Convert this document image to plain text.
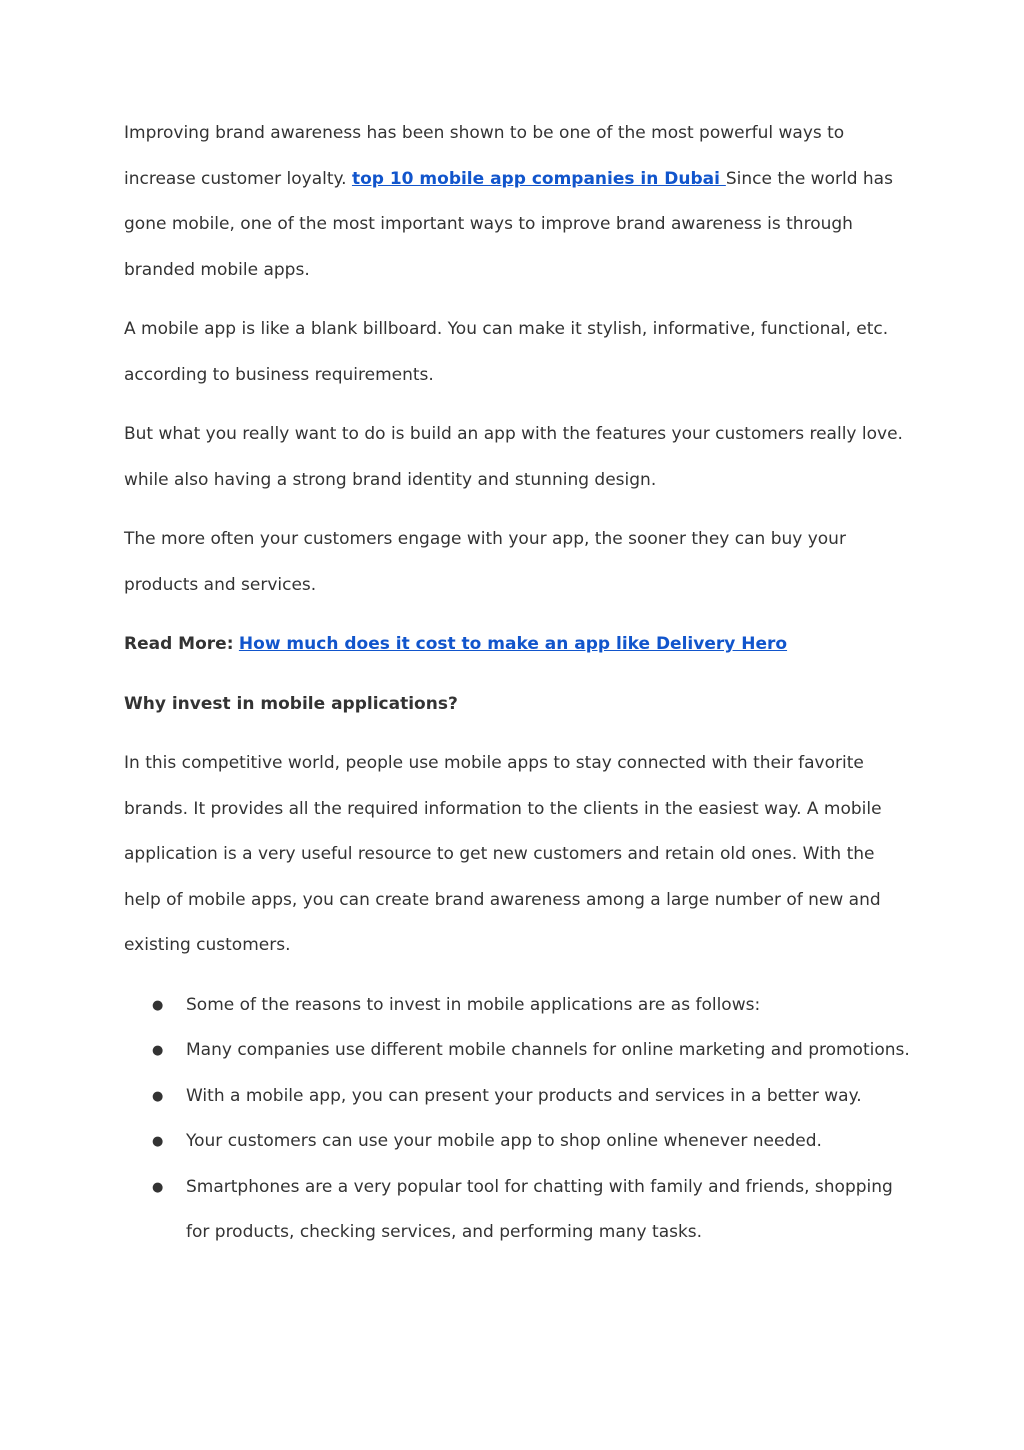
Improving brand awareness has been shown to be one of the most powerful ways to increase customer loyalty. top 10 mobile app companies in Dubai Since the world has gone mobile, one of the most important ways to improve brand awareness is through branded mobile apps.

A mobile app is like a blank billboard. You can make it stylish, informative, functional, etc. according to business requirements.

But what you really want to do is build an app with the features your customers really love. while also having a strong brand identity and stunning design.

The more often your customers engage with your app, the sooner they can buy your products and services.

Read More: How much does it cost to make an app like Delivery Hero

Why invest in mobile applications?

In this competitive world, people use mobile apps to stay connected with their favorite brands. It provides all the required information to the clients in the easiest way. A mobile application is a very useful resource to get new customers and retain old ones. With the help of mobile apps, you can create brand awareness among a large number of new and existing customers.

● Some of the reasons to invest in mobile applications are as follows:
● Many companies use different mobile channels for online marketing and promotions.
● With a mobile app, you can present your products and services in a better way.
● Your customers can use your mobile app to shop online whenever needed.
● Smartphones are a very popular tool for chatting with family and friends, shopping for products, checking services, and performing many tasks.
